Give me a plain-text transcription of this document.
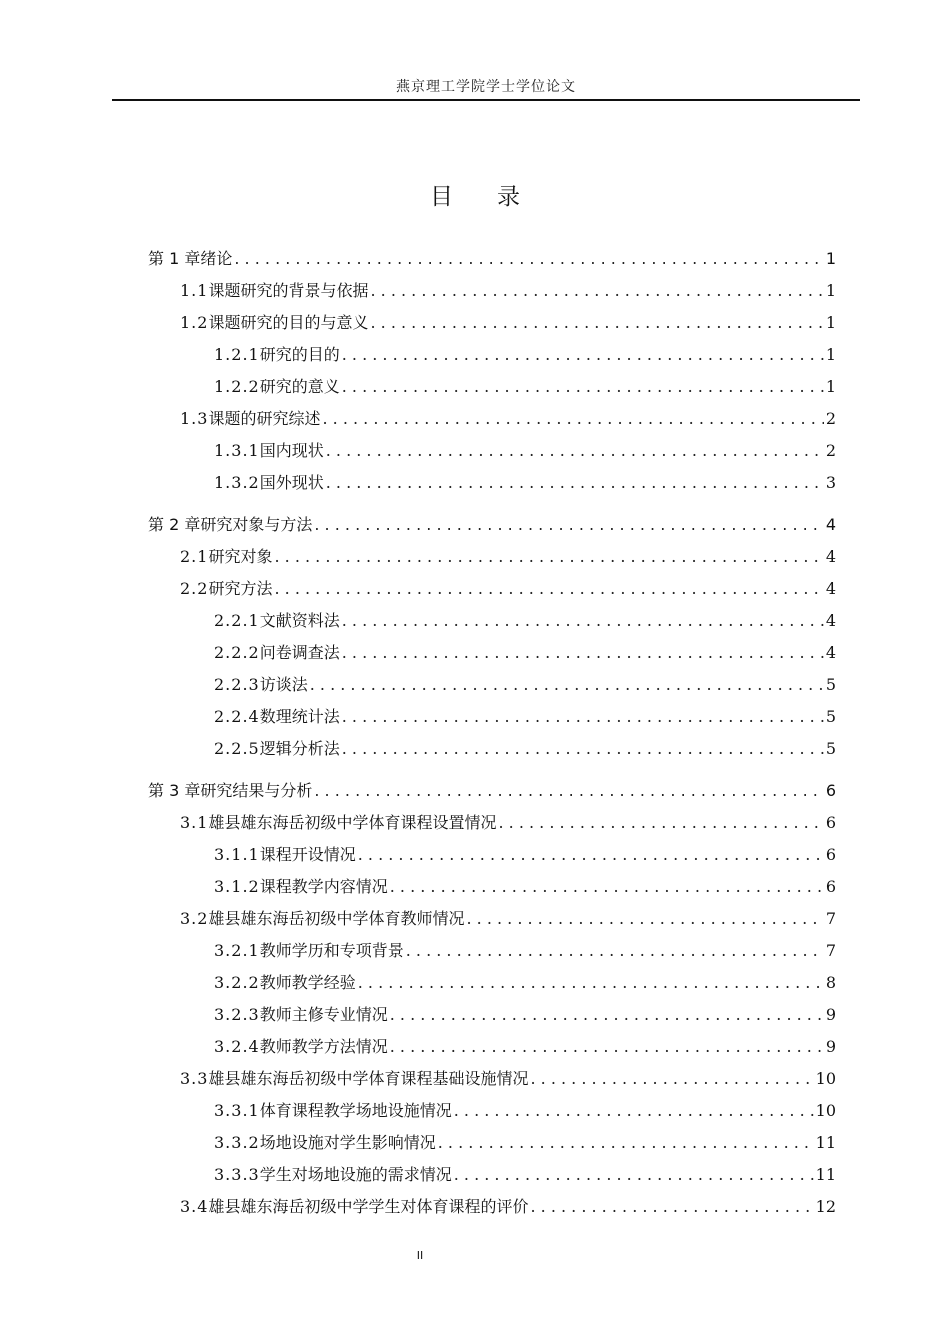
燕京理工学院学士学位论文
目录
第 1 章 绪论 . . .	1
1.1 课题研究的背景与依据 . . .	1
1.2 课题研究的目的与意义 . . .	1
1.2.1 研究的目的 . . .	1
1.2.2 研究的意义 . . .	1
1.3 课题的研究综述 . . .	2
1.3.1 国内现状 . . .	2
1.3.2 国外现状 . . .	3
第 2 章 研究对象与方法 . . .	4
2.1 研究对象 . . .	4
2.2 研究方法 . . .	4
2.2.1 文献资料法 . . .	4
2.2.2 问卷调查法 . . .	4
2.2.3 访谈法 . . .	5
2.2.4 数理统计法 . . .	5
2.2.5 逻辑分析法 . . .	5
第 3 章 研究结果与分析 . . .	6
3.1 雄县雄东海岳初级中学体育课程设置情况 . . .	6
3.1.1 课程开设情况 . . .	6
3.1.2 课程教学内容情况 . . .	6
3.2 雄县雄东海岳初级中学体育教师情况 . . .	7
3.2.1 教师学历和专项背景 . . .	7
3.2.2 教师教学经验 . . .	8
3.2.3 教师主修专业情况 . . .	9
3.2.4 教师教学方法情况 . . .	9
3.3 雄县雄东海岳初级中学体育课程基础设施情况 . . .	10
3.3.1 体育课程教学场地设施情况 . . .	10
3.3.2 场地设施对学生影响情况 . . .	11
3.3.3 学生对场地设施的需求情况 . . .	11
3.4 雄县雄东海岳初级中学学生对体育课程的评价 . . .	12
II
